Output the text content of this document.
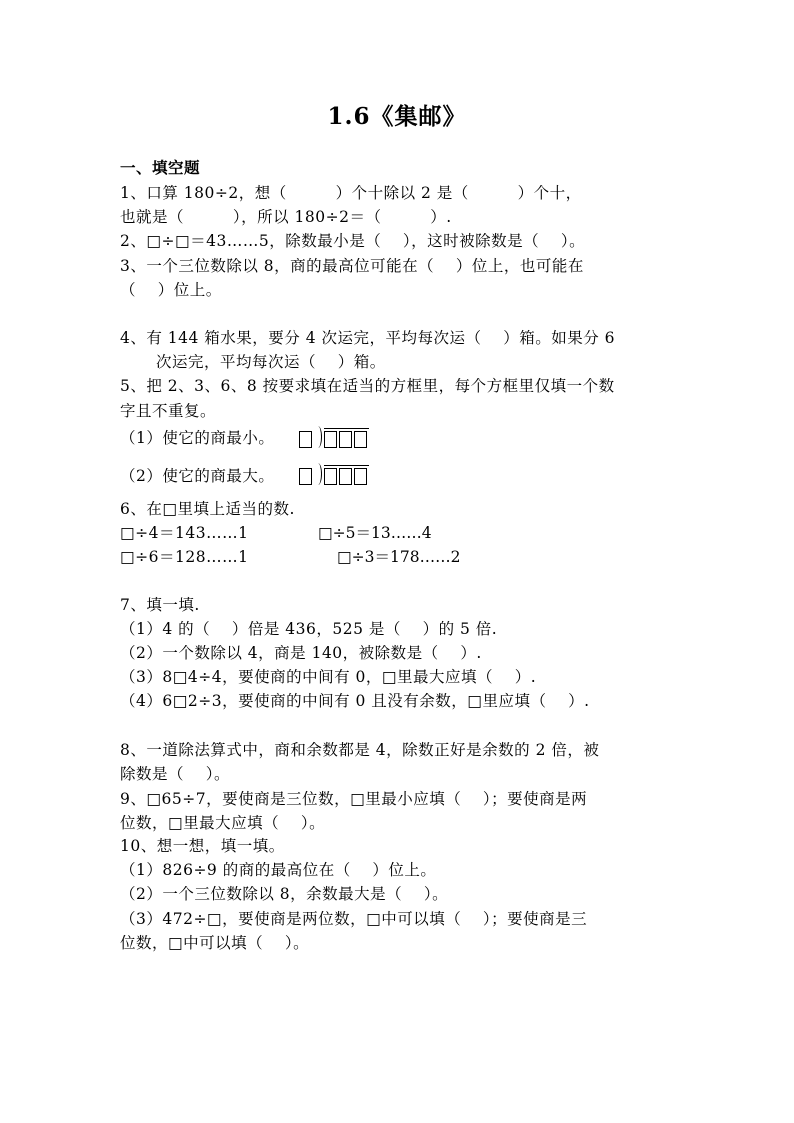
1.6《集邮》
一、填空题
1、口算 180÷2，想（         ）个十除以 2 是（         ）个十，
也就是（         ），所以 180÷2＝（         ）.
2、□÷□＝43……5，除数最小是（    ），这时被除数是（    ）。
3、一个三位数除以 8，商的最高位可能在（    ）位上，也可能在
（    ）位上。
4、有 144 箱水果，要分 4 次运完，平均每次运（    ）箱。如果分 6
次运完，平均每次运（    ）箱。
5、把 2、3、6、8 按要求填在适当的方框里，每个方框里仅填一个数
字且不重复。
（1）使它的商最小。
（2）使它的商最大。
6、在□里填上适当的数.
□÷4＝143……1	□÷5＝13……4
□÷6＝128……1	□÷3＝178……2
7、填一填.
（1）4 的（    ）倍是 436，525 是（    ）的 5 倍.
（2）一个数除以 4，商是 140，被除数是（    ）.
（3）8□4÷4，要使商的中间有 0，□里最大应填（    ）.
（4）6□2÷3，要使商的中间有 0 且没有余数，□里应填（    ）.
8、一道除法算式中，商和余数都是 4，除数正好是余数的 2 倍，被
除数是（    ）。
9、□65÷7，要使商是三位数，□里最小应填（    ）；要使商是两
位数，□里最大应填（    ）。
10、想一想，填一填。
（1）826÷9 的商的最高位在（    ）位上。
（2）一个三位数除以 8，余数最大是（    ）。
（3）472÷□，要使商是两位数，□中可以填（    ）；要使商是三
位数，□中可以填（    ）。
